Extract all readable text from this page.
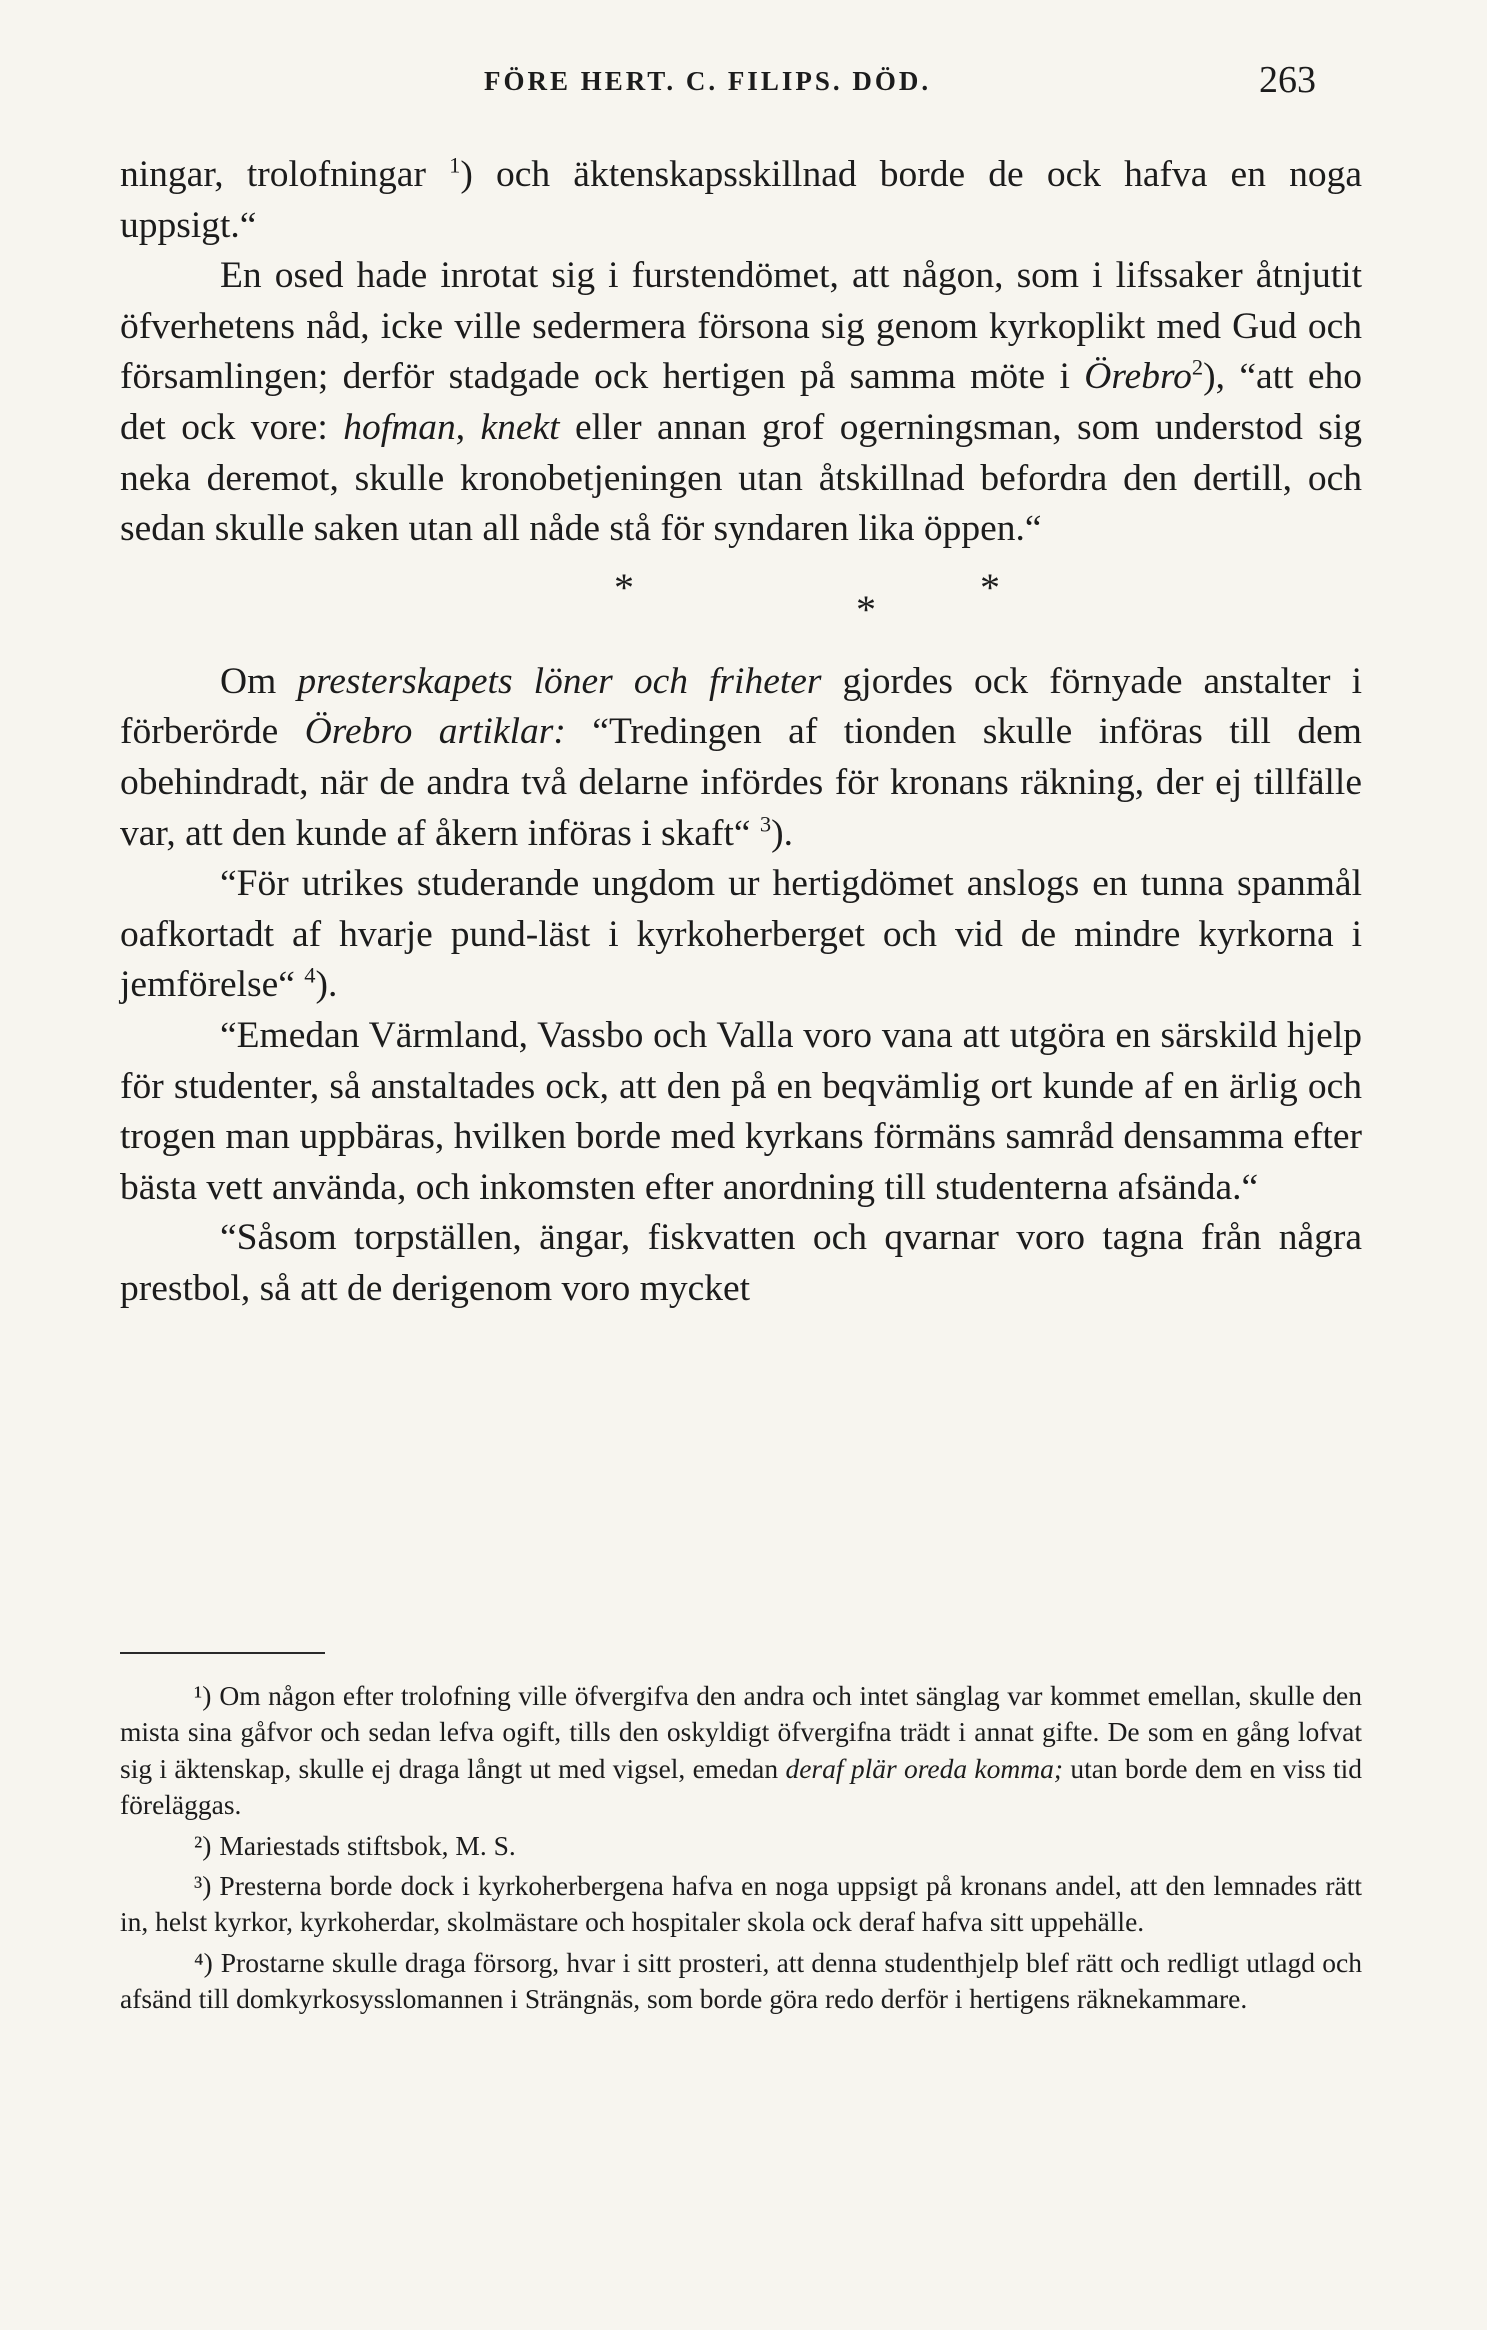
FÖRE HERT. C. FILIPS. DÖD.	263

ningar, trolofningar $^1$) och äktenskapsskillnad borde de ock hafva en noga uppsigt.“

En osed hade inrotat sig i furstendömet, att någon, som i lifssaker åtnjutit öfverhetens nåd, icke ville sedermera försona sig genom kyrkoplikt med Gud och församlingen; derför stadgade ock hertigen på samma möte i Örebro$^2$), “att eho det ock vore: hofman, knekt eller annan grof ogerningsman, som understod sig neka deremot, skulle kronobetjeningen utan åtskillnad befordra den dertill, och sedan skulle saken utan all nåde stå för syndaren lika öppen.“

*	*
*

Om presterskapets löner och friheter gjordes ock förnyade anstalter i förberörde Örebro artiklar: “Tredingen af tionden skulle införas till dem obehindradt, när de andra två delarne infördes för kronans räkning, der ej tillfälle var, att den kunde af åkern införas i skaft“ $^3$).

“För utrikes studerande ungdom ur hertigdömet anslogs en tunna spanmål oafkortadt af hvarje pund-läst i kyrkoherberget och vid de mindre kyrkorna i jemförelse“ $^4$).

“Emedan Värmland, Vassbo och Valla voro vana att utgöra en särskild hjelp för studenter, så anstaltades ock, att den på en beqvämlig ort kunde af en ärlig och trogen man uppbäras, hvilken borde med kyrkans förmäns samråd densamma efter bästa vett använda, och inkomsten efter anordning till studenterna afsända.“

“Såsom torpställen, ängar, fiskvatten och qvarnar voro tagna från några prestbol, så att de derigenom voro mycket

¹) Om någon efter trolofning ville öfvergifva den andra och intet sänglag var kommet emellan, skulle den mista sina gåfvor och sedan lefva ogift, tills den oskyldigt öfvergifna trädt i annat gifte. De som en gång lofvat sig i äktenskap, skulle ej draga långt ut med vigsel, emedan deraf plär oreda komma; utan borde dem en viss tid föreläggas.

²) Mariestads stiftsbok, M. S.

³) Presterna borde dock i kyrkoherbergena hafva en noga uppsigt på kronans andel, att den lemnades rätt in, helst kyrkor, kyrkoherdar, skolmästare och hospitaler skola ock deraf hafva sitt uppehälle.

⁴) Prostarne skulle draga försorg, hvar i sitt prosteri, att denna studenthjelp blef rätt och redligt utlagd och afsänd till domkyrkosysslomannen i Strängnäs, som borde göra redo derför i hertigens räknekammare.
